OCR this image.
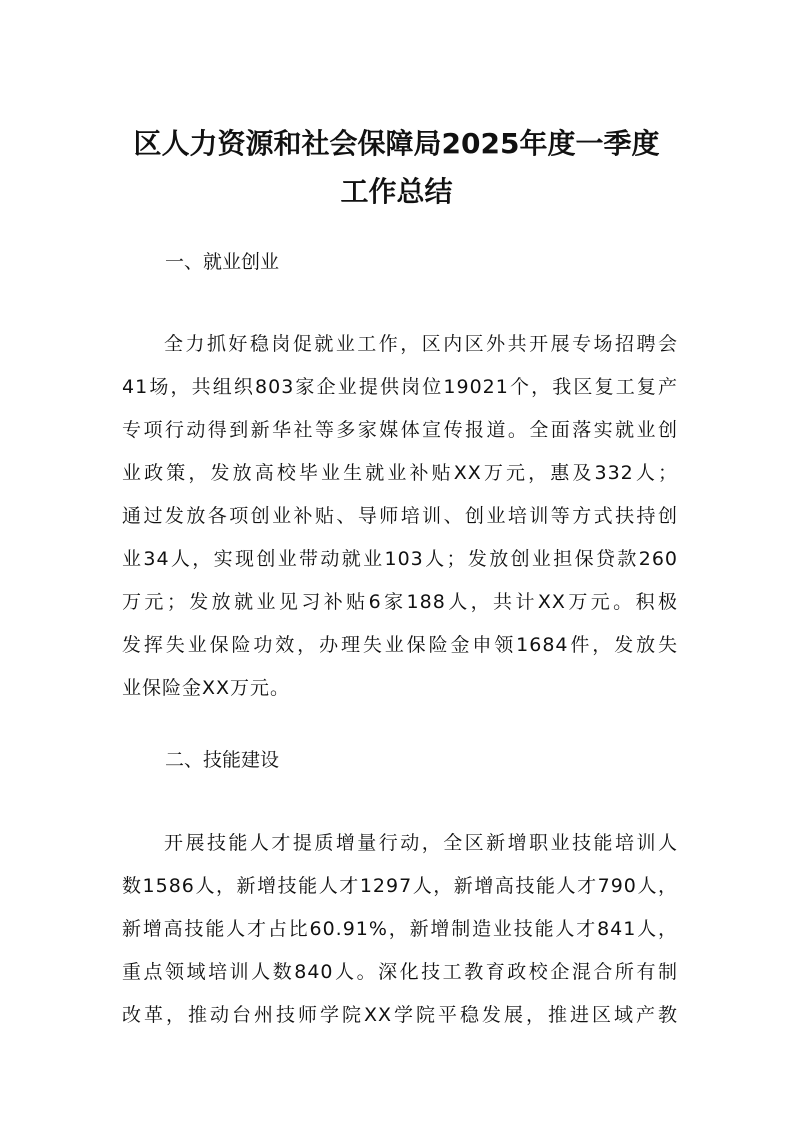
区人力资源和社会保障局2025年度一季度
工作总结

一、就业创业

全力抓好稳岗促就业工作，区内区外共开展专场招聘会
41场，共组织803家企业提供岗位19021个，我区复工复产
专项行动得到新华社等多家媒体宣传报道。全面落实就业创
业政策，发放高校毕业生就业补贴XX万元，惠及332人；
通过发放各项创业补贴、导师培训、创业培训等方式扶持创
业34人，实现创业带动就业103人；发放创业担保贷款260
万元；发放就业见习补贴6家188人，共计XX万元。积极
发挥失业保险功效，办理失业保险金申领1684件，发放失
业保险金XX万元。

二、技能建设

开展技能人才提质增量行动，全区新增职业技能培训人
数1586人，新增技能人才1297人，新增高技能人才790人，
新增高技能人才占比60.91%，新增制造业技能人才841人，
重点领域培训人数840人。深化技工教育政校企混合所有制
改革，推动台州技师学院XX学院平稳发展，推进区域产教
